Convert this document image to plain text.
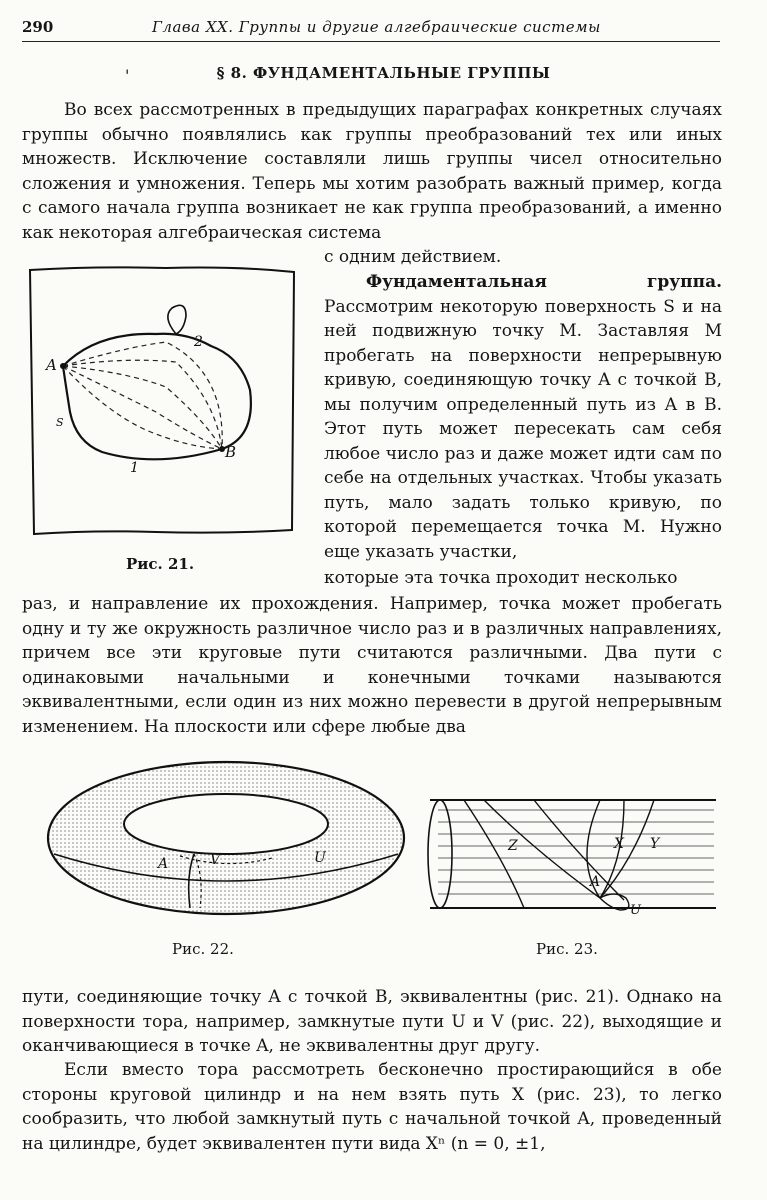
290	Глава XX. Группы и другие алгебраические системы
'	§ 8. ФУНДАМЕНТАЛЬНЫЕ ГРУППЫ
Во всех рассмотренных в предыдущих параграфах конкретных случаях группы обычно появлялись как группы преобразований тех или иных множеств. Исключение составляли лишь группы чисел относительно сложения и умножения. Теперь мы хотим разобрать важный пример, когда с самого начала группа возникает не как группа преобразований, а именно как некоторая алгебраическая система
с одним действием.
A
B
1
2
S
Рис. 21.
Фундаментальная группа. Рассмотрим некоторую поверхность S и на ней подвижную точку M. Заставляя M пробегать на поверхности непрерывную кривую, соединяющую точку A с точкой B, мы получим определенный путь из A в B. Этот путь может пересекать сам себя любое число раз и даже может идти сам по себе на отдельных участках. Чтобы указать путь, мало задать только кривую, по которой перемещается точка M. Нужно еще указать участки,
которые эта точка проходит несколько
раз, и направление их прохождения. Например, точка может пробегать одну и ту же окружность различное число раз и в различных направлениях, причем все эти круговые пути считаются различными. Два пути с одинаковыми начальными и конечными точками называются эквивалентными, если один из них можно перевести в другой непрерывным изменением. На плоскости или сфере любые два
A	V	U
Рис. 22.
Z	X Y
A
U
Рис. 23.
пути, соединяющие точку A с точкой B, эквивалентны (рис. 21). Однако на поверхности тора, например, замкнутые пути U и V (рис. 22), выходящие и оканчивающиеся в точке A, не эквивалентны друг другу.
Если вместо тора рассмотреть бесконечно простирающийся в обе стороны круговой цилиндр и на нем взять путь X (рис. 23), то легко сообразить, что любой замкнутый путь с начальной точкой A, проведенный на цилиндре, будет эквивалентен пути вида Xⁿ (n = 0, ±1,
